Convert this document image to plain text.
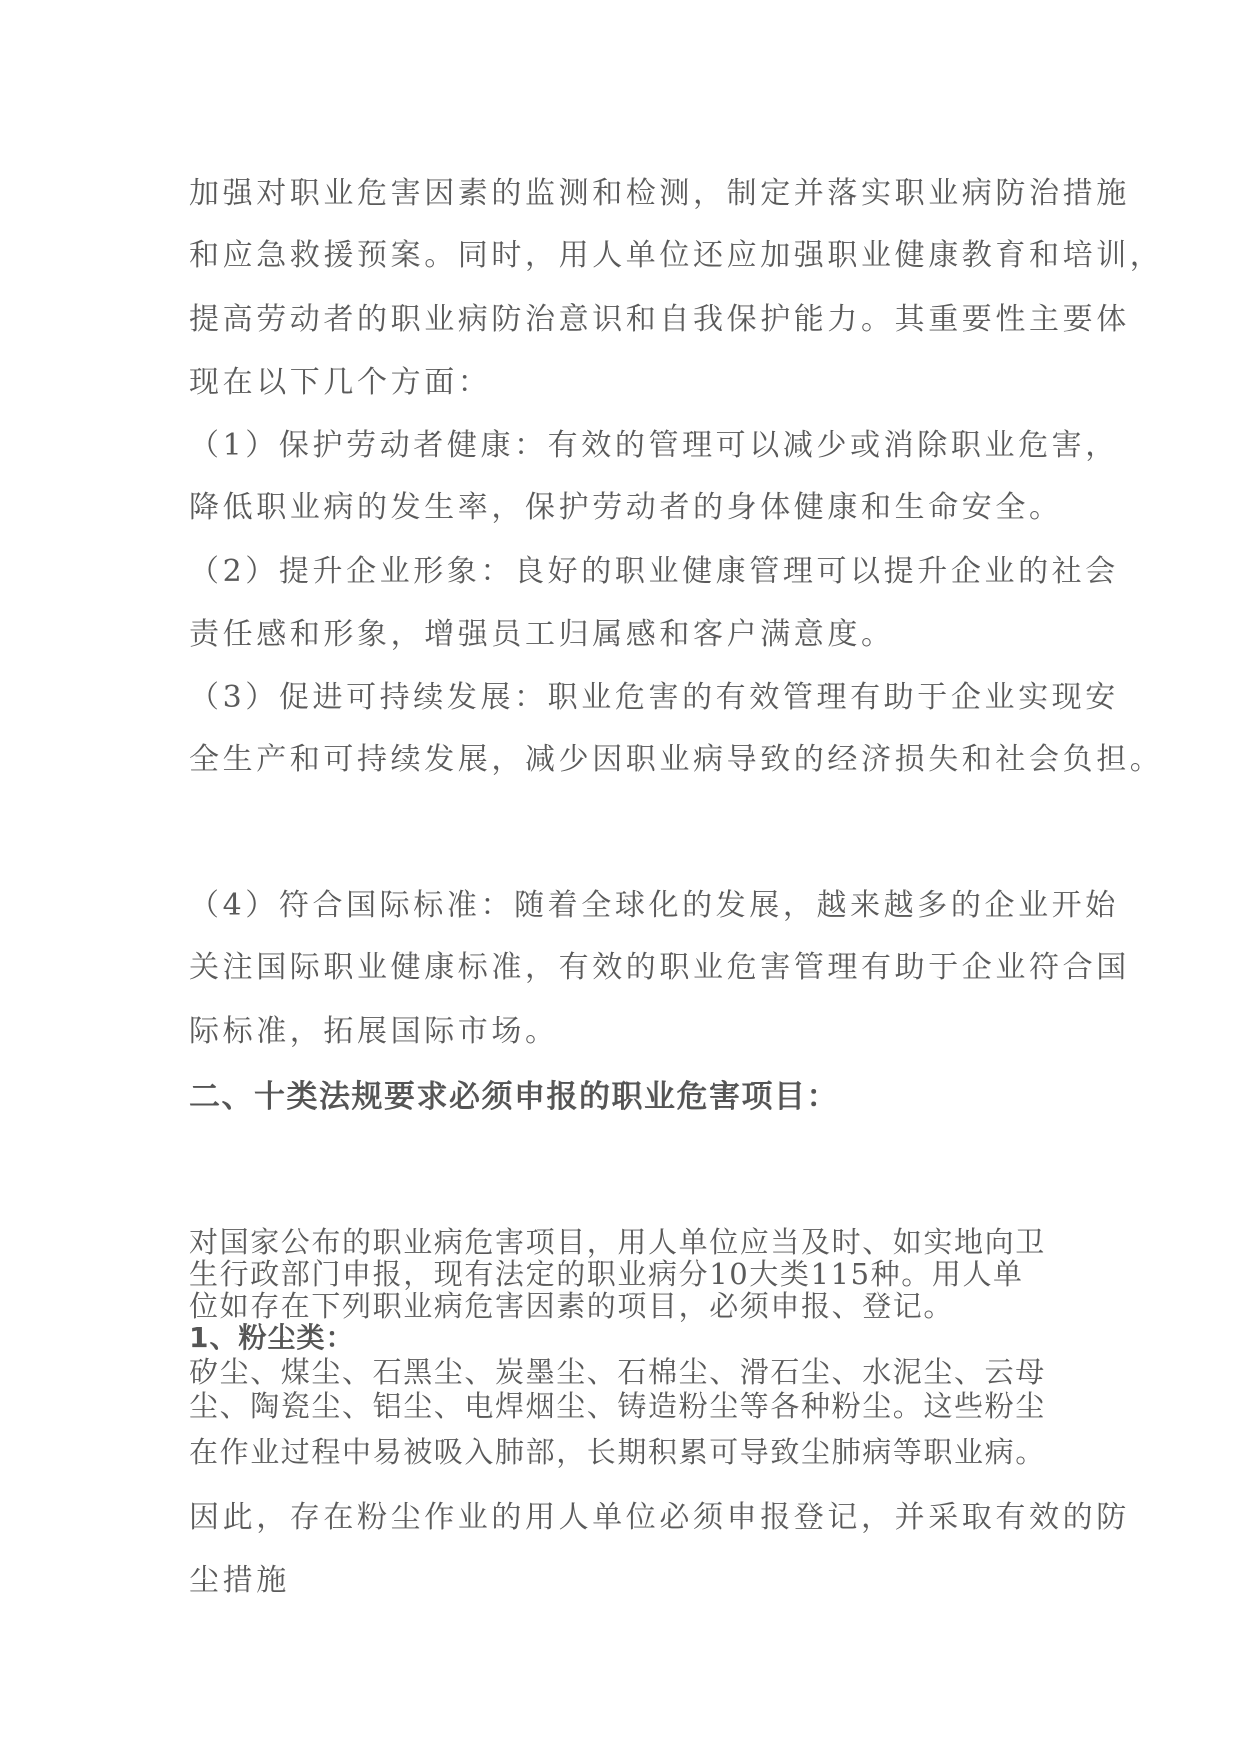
加强对职业危害因素的监测和检测，制定并落实职业病防治措施
和应急救援预案。同时，用人单位还应加强职业健康教育和培训，
提高劳动者的职业病防治意识和自我保护能力。其重要性主要体
现在以下几个方面：
（1）保护劳动者健康：有效的管理可以减少或消除职业危害，
降低职业病的发生率，保护劳动者的身体健康和生命安全。
（2）提升企业形象：良好的职业健康管理可以提升企业的社会
责任感和形象，增强员工归属感和客户满意度。
（3）促进可持续发展：职业危害的有效管理有助于企业实现安
全生产和可持续发展，减少因职业病导致的经济损失和社会负担。
（4）符合国际标准：随着全球化的发展，越来越多的企业开始
关注国际职业健康标准，有效的职业危害管理有助于企业符合国
际标准，拓展国际市场。
二、十类法规要求必须申报的职业危害项目：
对国家公布的职业病危害项目，用人单位应当及时、如实地向卫
生行政部门申报，现有法定的职业病分10大类115种。用人单
位如存在下列职业病危害因素的项目，必须申报、登记。
1、粉尘类：
矽尘、煤尘、石黑尘、炭墨尘、石棉尘、滑石尘、水泥尘、云母
尘、陶瓷尘、铝尘、电焊烟尘、铸造粉尘等各种粉尘。这些粉尘
在作业过程中易被吸入肺部，长期积累可导致尘肺病等职业病。
因此，存在粉尘作业的用人单位必须申报登记，并采取有效的防
尘措施
